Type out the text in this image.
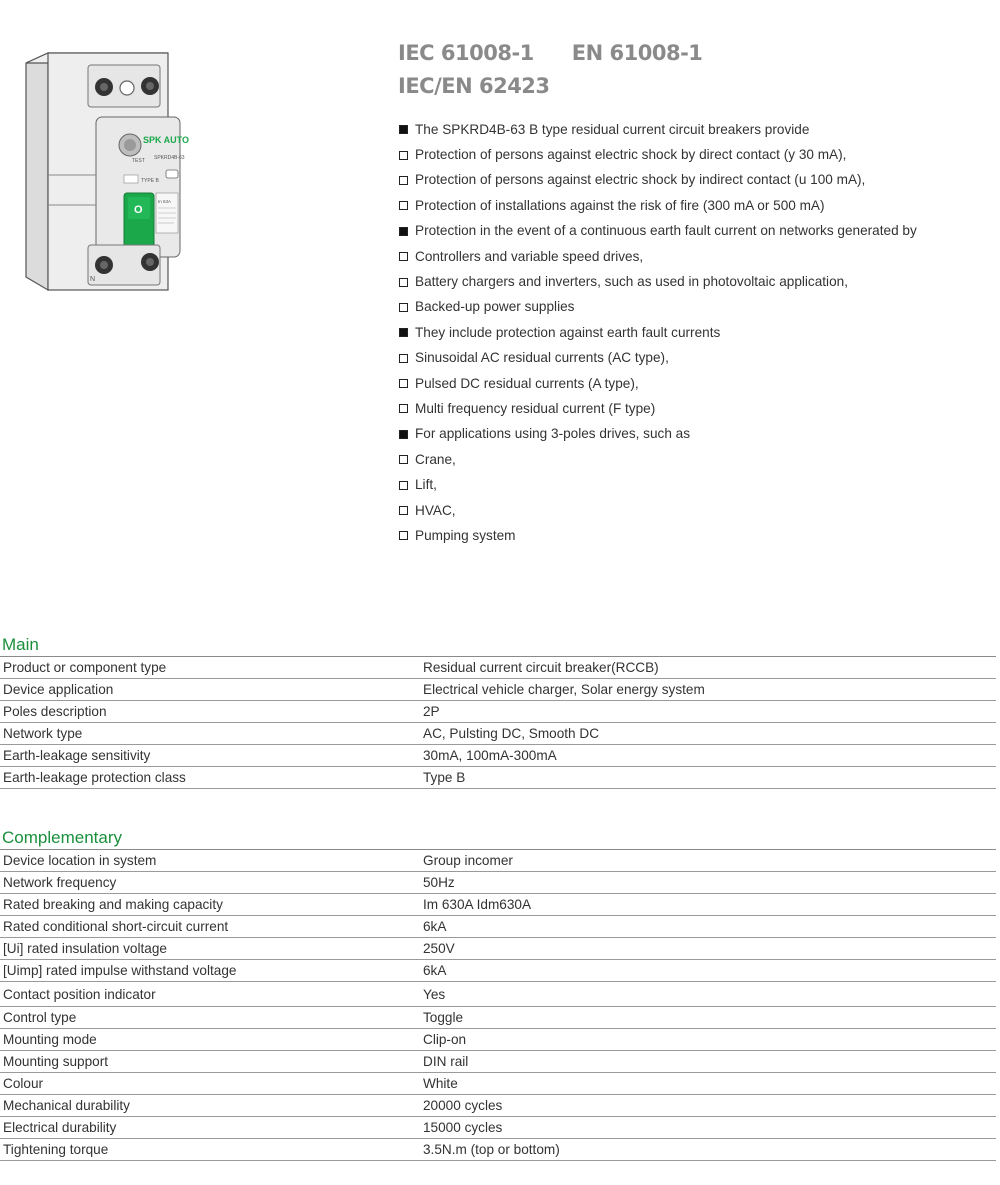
SPK AUTO
TEST SPKRD4B-63
TYPE B
O
In 63A
N
IEC 61008-1 EN 61008-1
IEC/EN 62423
The SPKRD4B-63 B type residual current circuit breakers provide
Protection of persons against electric shock by direct contact (y 30 mA),
Protection of persons against electric shock by indirect contact (u 100 mA),
Protection of installations against the risk of fire (300 mA or 500 mA)
Protection in the event of a continuous earth fault current on networks generated by
Controllers and variable speed drives,
Battery chargers and inverters, such as used in photovoltaic application,
Backed-up power supplies
They include protection against earth fault currents
Sinusoidal AC residual currents (AC type),
Pulsed DC residual currents (A type),
Multi frequency residual current (F type)
For applications using 3-poles drives, such as
Crane,
Lift,
HVAC,
Pumping system
Main
Product or component type	Residual current circuit breaker(RCCB)
Device application	Electrical vehicle charger, Solar energy system
Poles description	2P
Network type	AC, Pulsting DC, Smooth DC
Earth-leakage sensitivity	30mA, 100mA-300mA
Earth-leakage protection class	Type B
Complementary
Device location in system	Group incomer
Network frequency	50Hz
Rated breaking and making capacity	Im 630A Idm630A
Rated conditional short-circuit current	6kA
[Ui] rated insulation voltage	250V
[Uimp] rated impulse withstand voltage	6kA
Contact position indicator	Yes
Control type	Toggle
Mounting mode	Clip-on
Mounting support	DIN rail
Colour	White
Mechanical durability	20000 cycles
Electrical durability	15000 cycles
Tightening torque	3.5N.m (top or bottom)
